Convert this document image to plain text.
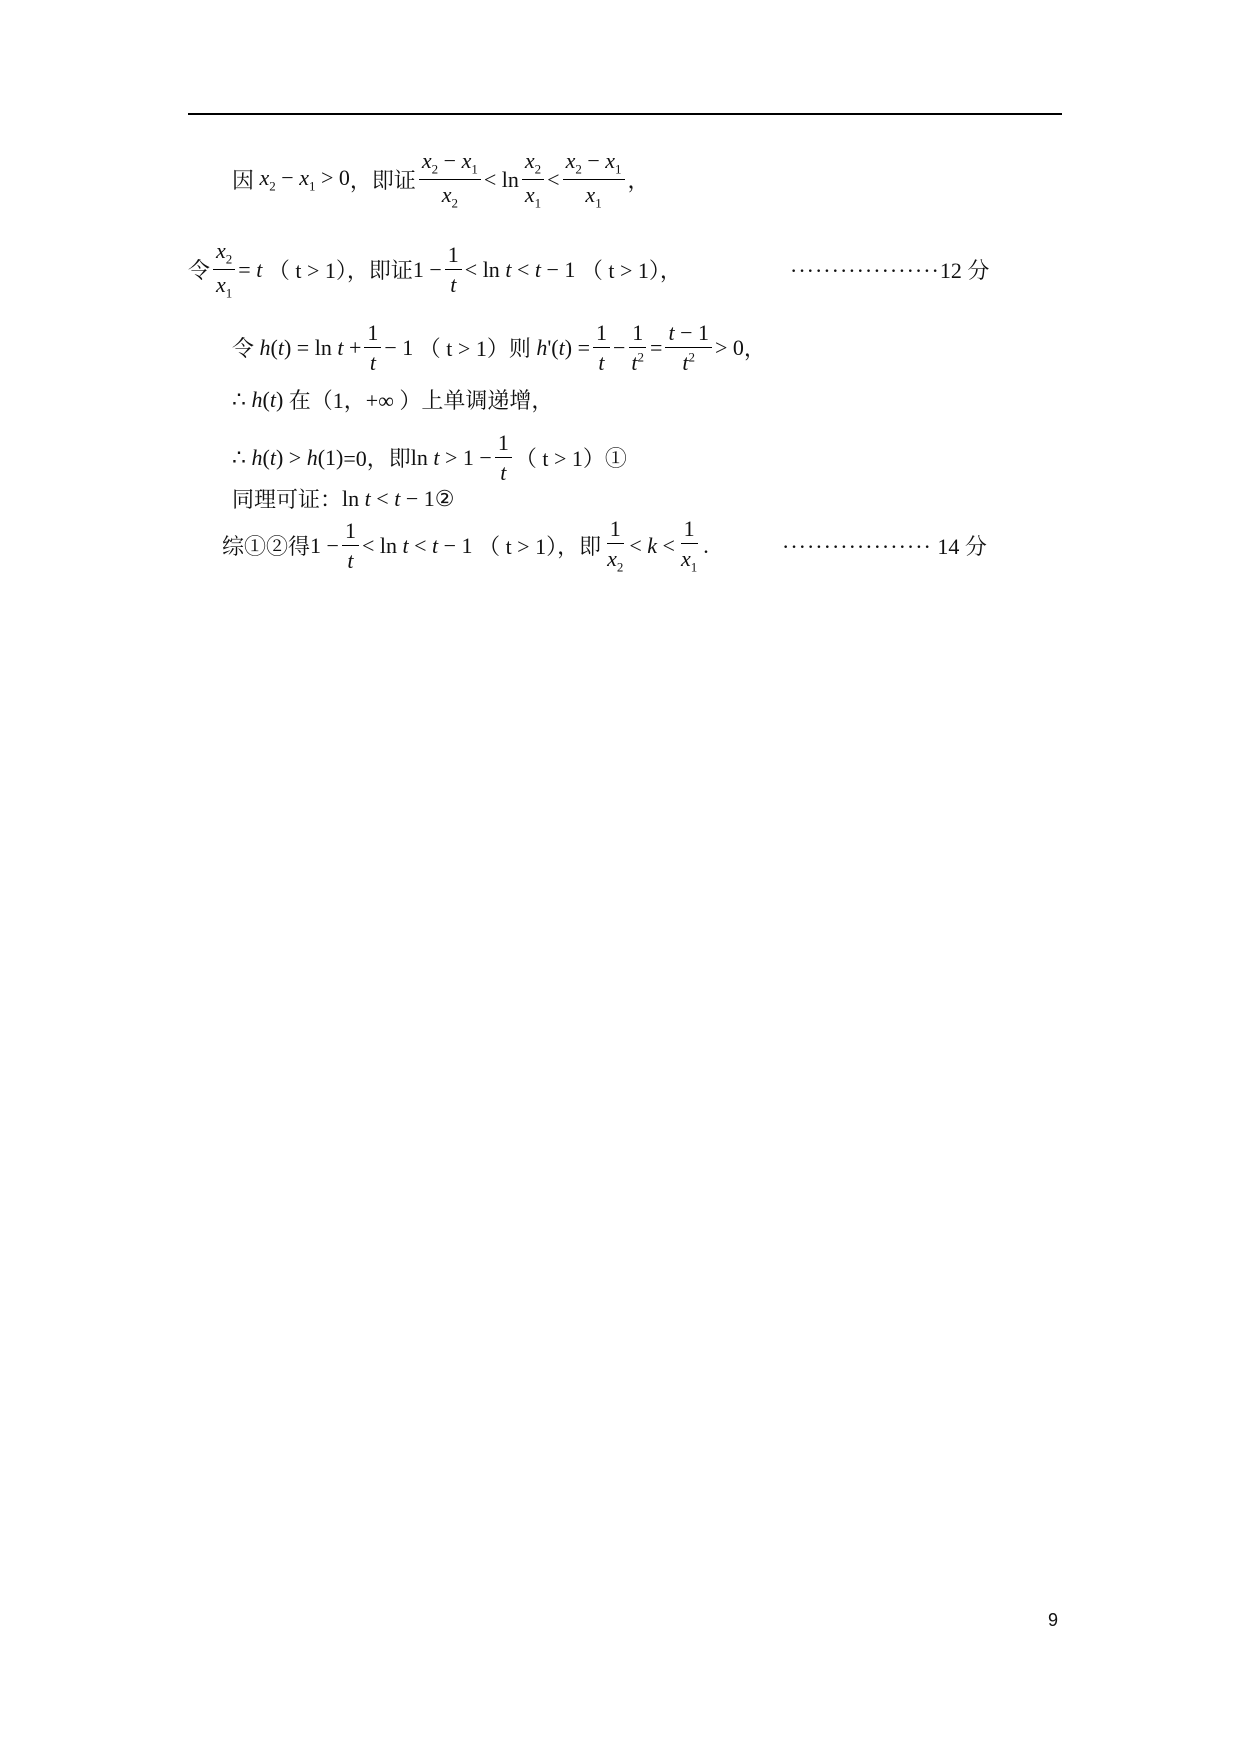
因 $x_2 - x_1 > 0$ ，即证 $\frac{x_2 - x_1}{x_2} < \ln \frac{x_2}{x_1} < \frac{x_2 - x_1}{x_1}$ ，
令 $\frac{x_2}{x_1} = t$ （ t > 1），即证 $1 - \frac{1}{t} < \ln t < t - 1$ （ t > 1），	··················12 分
令 $h(t) = \ln t + \frac{1}{t} - 1$ （ t > 1）则 $h'(t) = \frac{1}{t} - \frac{1}{t^2} = \frac{t - 1}{t^2} > 0$ ，
∴ h(t) 在（1，+∞ ）上单调递增，
∴ h(t) > h(1) =0，即 $\ln t > 1 - \frac{1}{t}$ （ t > 1）①
同理可证： ln t < t − 1 ②
综①②得 $1 - \frac{1}{t} < \ln t < t - 1$ （ t > 1），即 $\frac{1}{x_2} < k < \frac{1}{x_1}$ .	·················· 14 分
9
